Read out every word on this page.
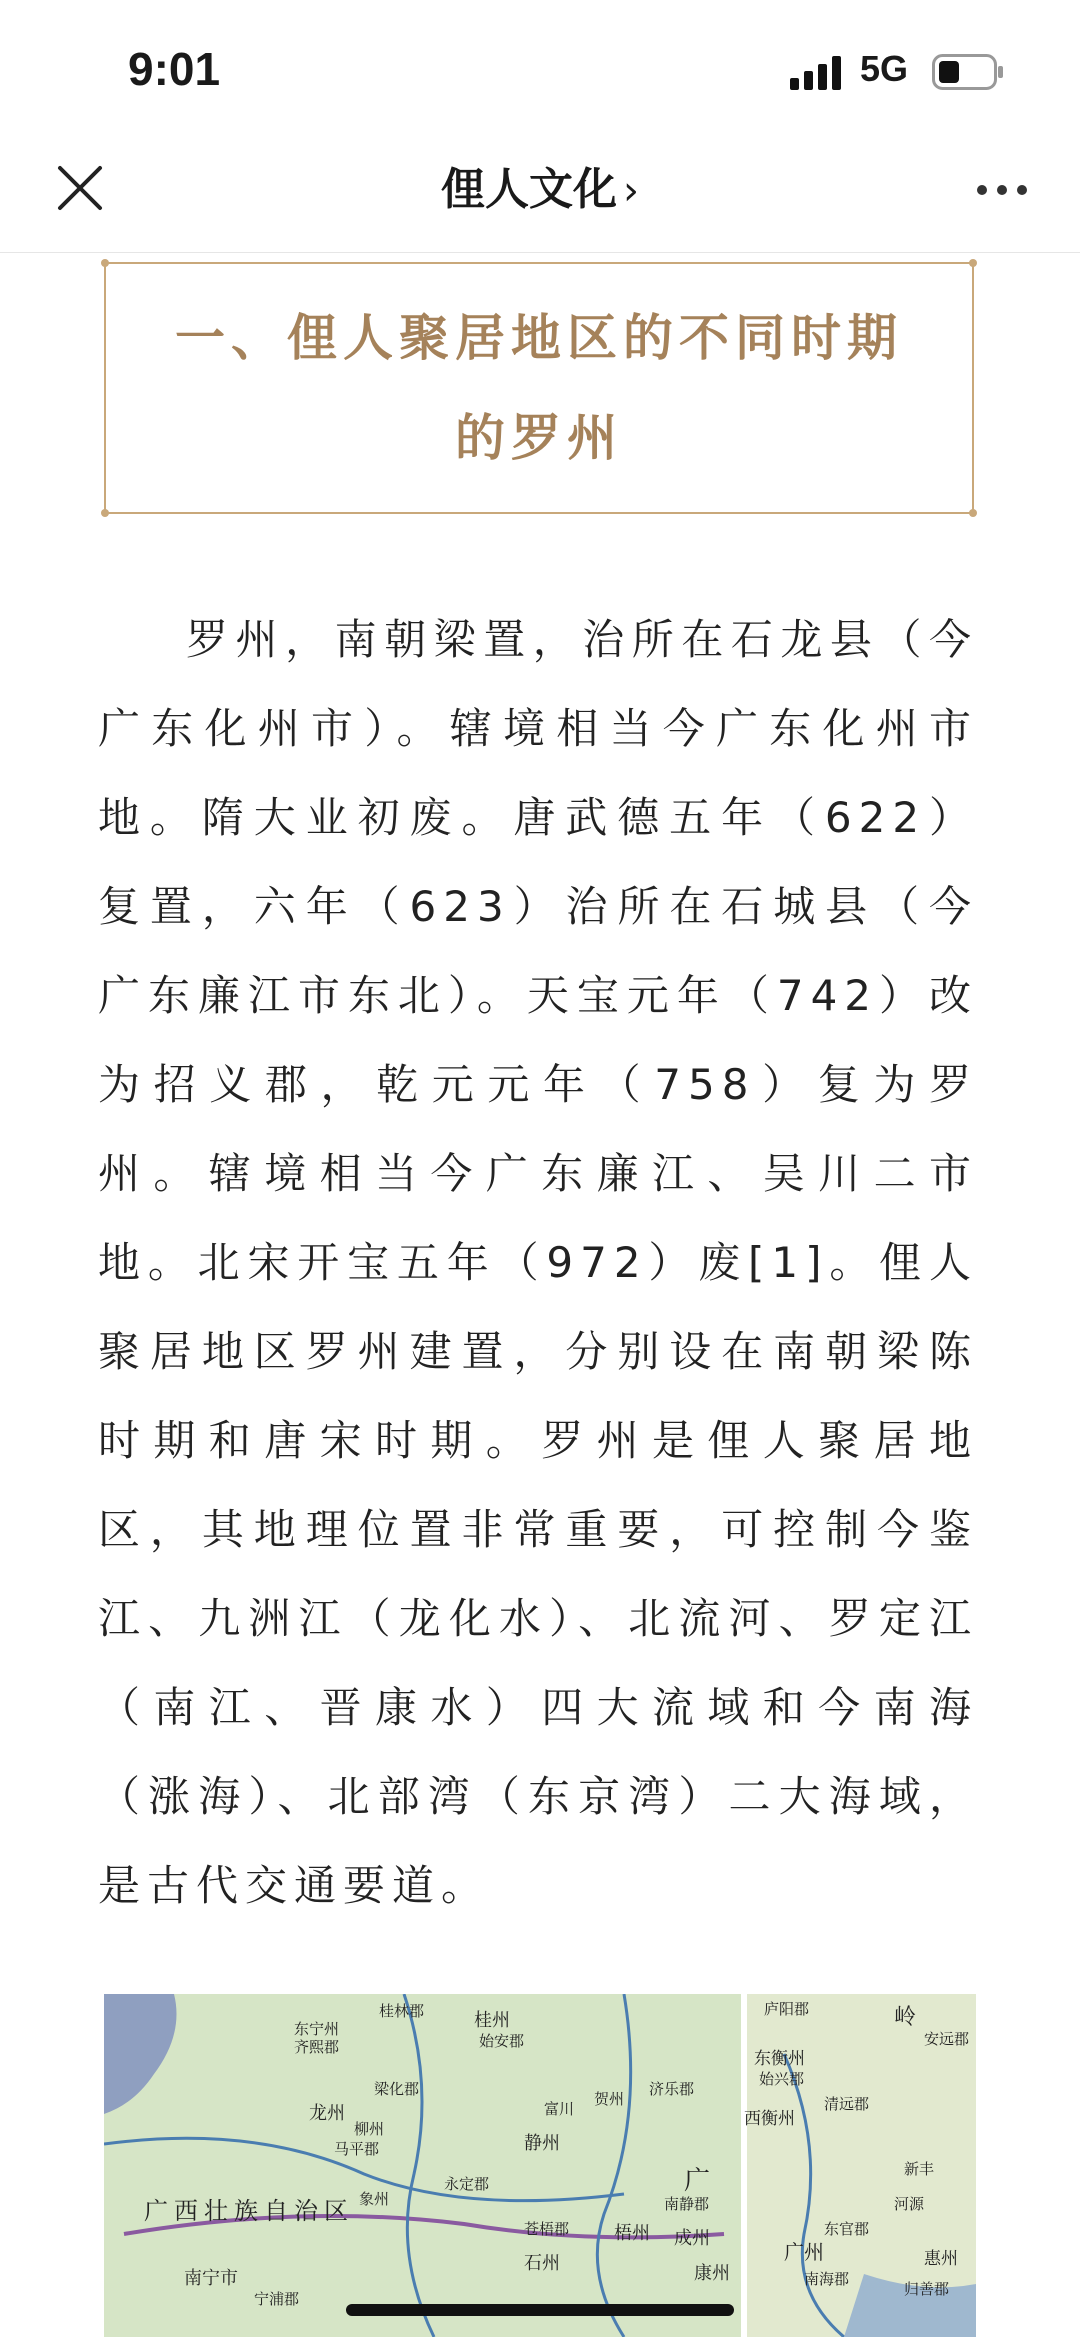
9:01	5G
俚人文化 ›
一、俚人聚居地区的不同时期
的罗州
罗州，南朝梁置，治所在石龙县（今广东化州市）。辖境相当今广东化州市地。隋大业初废。唐武德五年（622）复置，六年（623）治所在石城县（今广东廉江市东北）。天宝元年（742）改为招义郡，乾元元年（758）复为罗州。辖境相当今广东廉江、吴川二市地。北宋开宝五年（972）废[1]。俚人聚居地区罗州建置，分别设在南朝梁陈时期和唐宋时期。罗州是俚人聚居地区，其地理位置非常重要，可控制今鉴江、九洲江（龙化水）、北流河、罗定江（南江、晋康水）四大流域和今南海（涨海）、北部湾（东京湾）二大海域，是古代交通要道。
桂林郡	桂州
始安郡
东宁州
齐熙郡
龙州
柳州
梁化郡
马平郡
广西壮族自治区 象州
南宁市
宁浦郡
石州
永定郡
静州
富川
贺州
济乐郡
梧州
苍梧郡
南静郡
成州
康州
广
庐阳郡
东衡州
始兴郡
清远郡
西衡州
安远郡
新丰
河源
东官郡
广州
南海郡
惠州
归善郡
岭
